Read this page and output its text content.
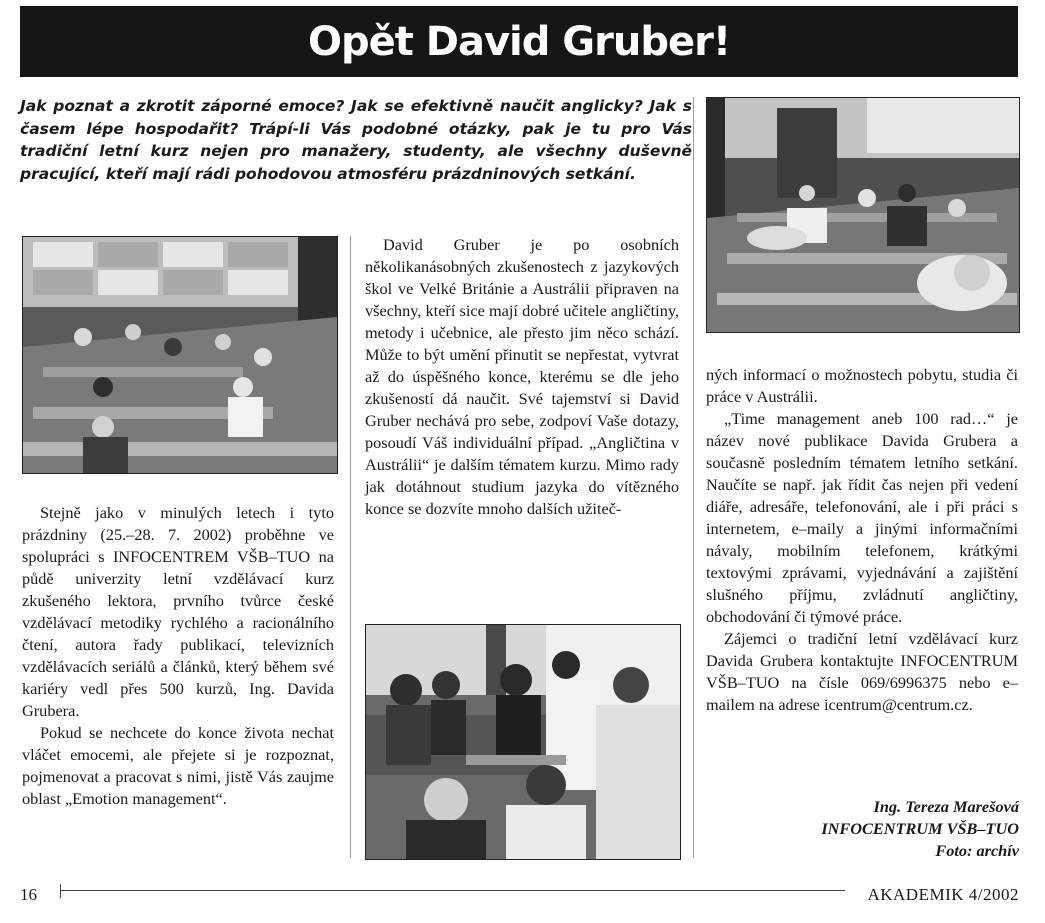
Opět David Gruber!

Jak poznat a zkrotit záporné emoce? Jak se efektivně naučit anglicky? Jak s časem lépe hospodařit? Trápí-li Vás podobné otázky, pak je tu pro Vás tradiční letní kurz nejen pro manažery, studenty, ale všechny duševně pracující, kteří mají rádi pohodovou atmosféru prázdninových setkání.

Stejně jako v minulých letech i tyto prázdniny (25.–28. 7. 2002) proběhne ve spolupráci s INFOCENTREM VŠB–TUO na půdě univerzity letní vzdělávací kurz zkušeného lektora, prvního tvůrce české vzdělávací metodiky rychlého a racionálního čtení, autora řady publikací, televizních vzdělávacích seriálů a článků, který během své kariéry vedl přes 500 kurzů, Ing. Davida Grubera.

Pokud se nechcete do konce života nechat vláčet emocemi, ale přejete si je rozpoznat, pojmenovat a pracovat s nimi, jistě Vás zaujme oblast „Emotion management“.

David Gruber je po osobních několikanásobných zkušenostech z jazykových škol ve Velké Británie a Austrálii připraven na všechny, kteří sice mají dobré učitele angličtiny, metody i učebnice, ale přesto jim něco schází. Může to být umění přinutit se nepřestat, vytvrat až do úspěšného konce, kterému se dle jeho zkušeností dá naučit. Své tajemství si David Gruber nechává pro sebe, zodpoví Vaše dotazy, posoudí Váš individuální případ. „Angličtina v Austrálii“ je dalším tématem kurzu. Mimo rady jak dotáhnout studium jazyka do vítězného konce se dozvíte mnoho dalších užiteč-

ných informací o možnostech pobytu, studia či práce v Austrálii.

„Time management aneb 100 rad…“ je název nové publikace Davida Grubera a současně posledním tématem letního setkání. Naučíte se např. jak řídit čas nejen při vedení diáře, adresáře, telefonování, ale i při práci s internetem, e–maily a jinými informačními návaly, mobilním telefonem, krátkými textovými zprávami, vyjednávání a zajištění slušného příjmu, zvládnutí angličtiny, obchodování či týmové práce.

Zájemci o tradiční letní vzdělávací kurz Davida Grubera kontaktujte INFOCENTRUM VŠB–TUO na čísle 069/6996375 nebo e–mailem na adrese icentrum@centrum.cz.

Ing. Tereza Marešová
INFOCENTRUM VŠB–TUO
Foto: archív
16	AKADEMIK 4/2002
